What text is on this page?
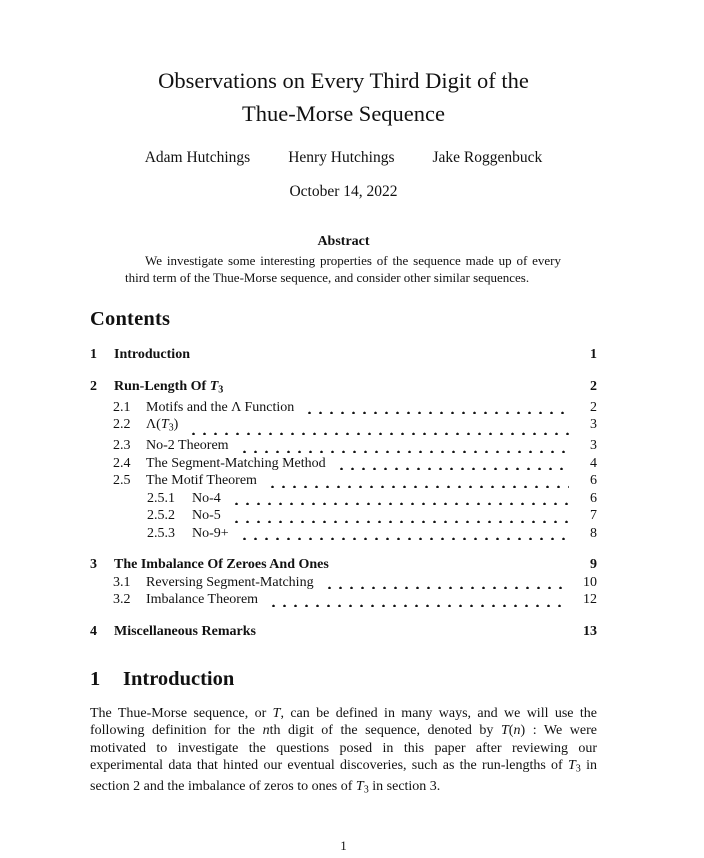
Observations on Every Third Digit of the
Thue-Morse Sequence
Adam Hutchings Henry Hutchings Jake Roggenbuck
October 14, 2022
Abstract
We investigate some interesting properties of the sequence made up of every third term of the Thue-Morse sequence, and consider other similar sequences.
Contents
1	Introduction	1
2	Run-Length Of T3	2
2.1	Motifs and the Λ Function	2
2.2	Λ(T3)	3
2.3	No-2 Theorem	3
2.4	The Segment-Matching Method	4
2.5	The Motif Theorem	6
2.5.1	No-4	6
2.5.2	No-5	7
2.5.3	No-9+	8
3	The Imbalance Of Zeroes And Ones	9
3.1	Reversing Segment-Matching	10
3.2	Imbalance Theorem	12
4	Miscellaneous Remarks	13
1	Introduction
The Thue-Morse sequence, or T, can be defined in many ways, and we will use the following definition for the nth digit of the sequence, denoted by T(n) : We were motivated to investigate the questions posed in this paper after reviewing our experimental data that hinted our eventual discoveries, such as the run-lengths of T3 in section 2 and the imbalance of zeros to ones of T3 in section 3.
1
